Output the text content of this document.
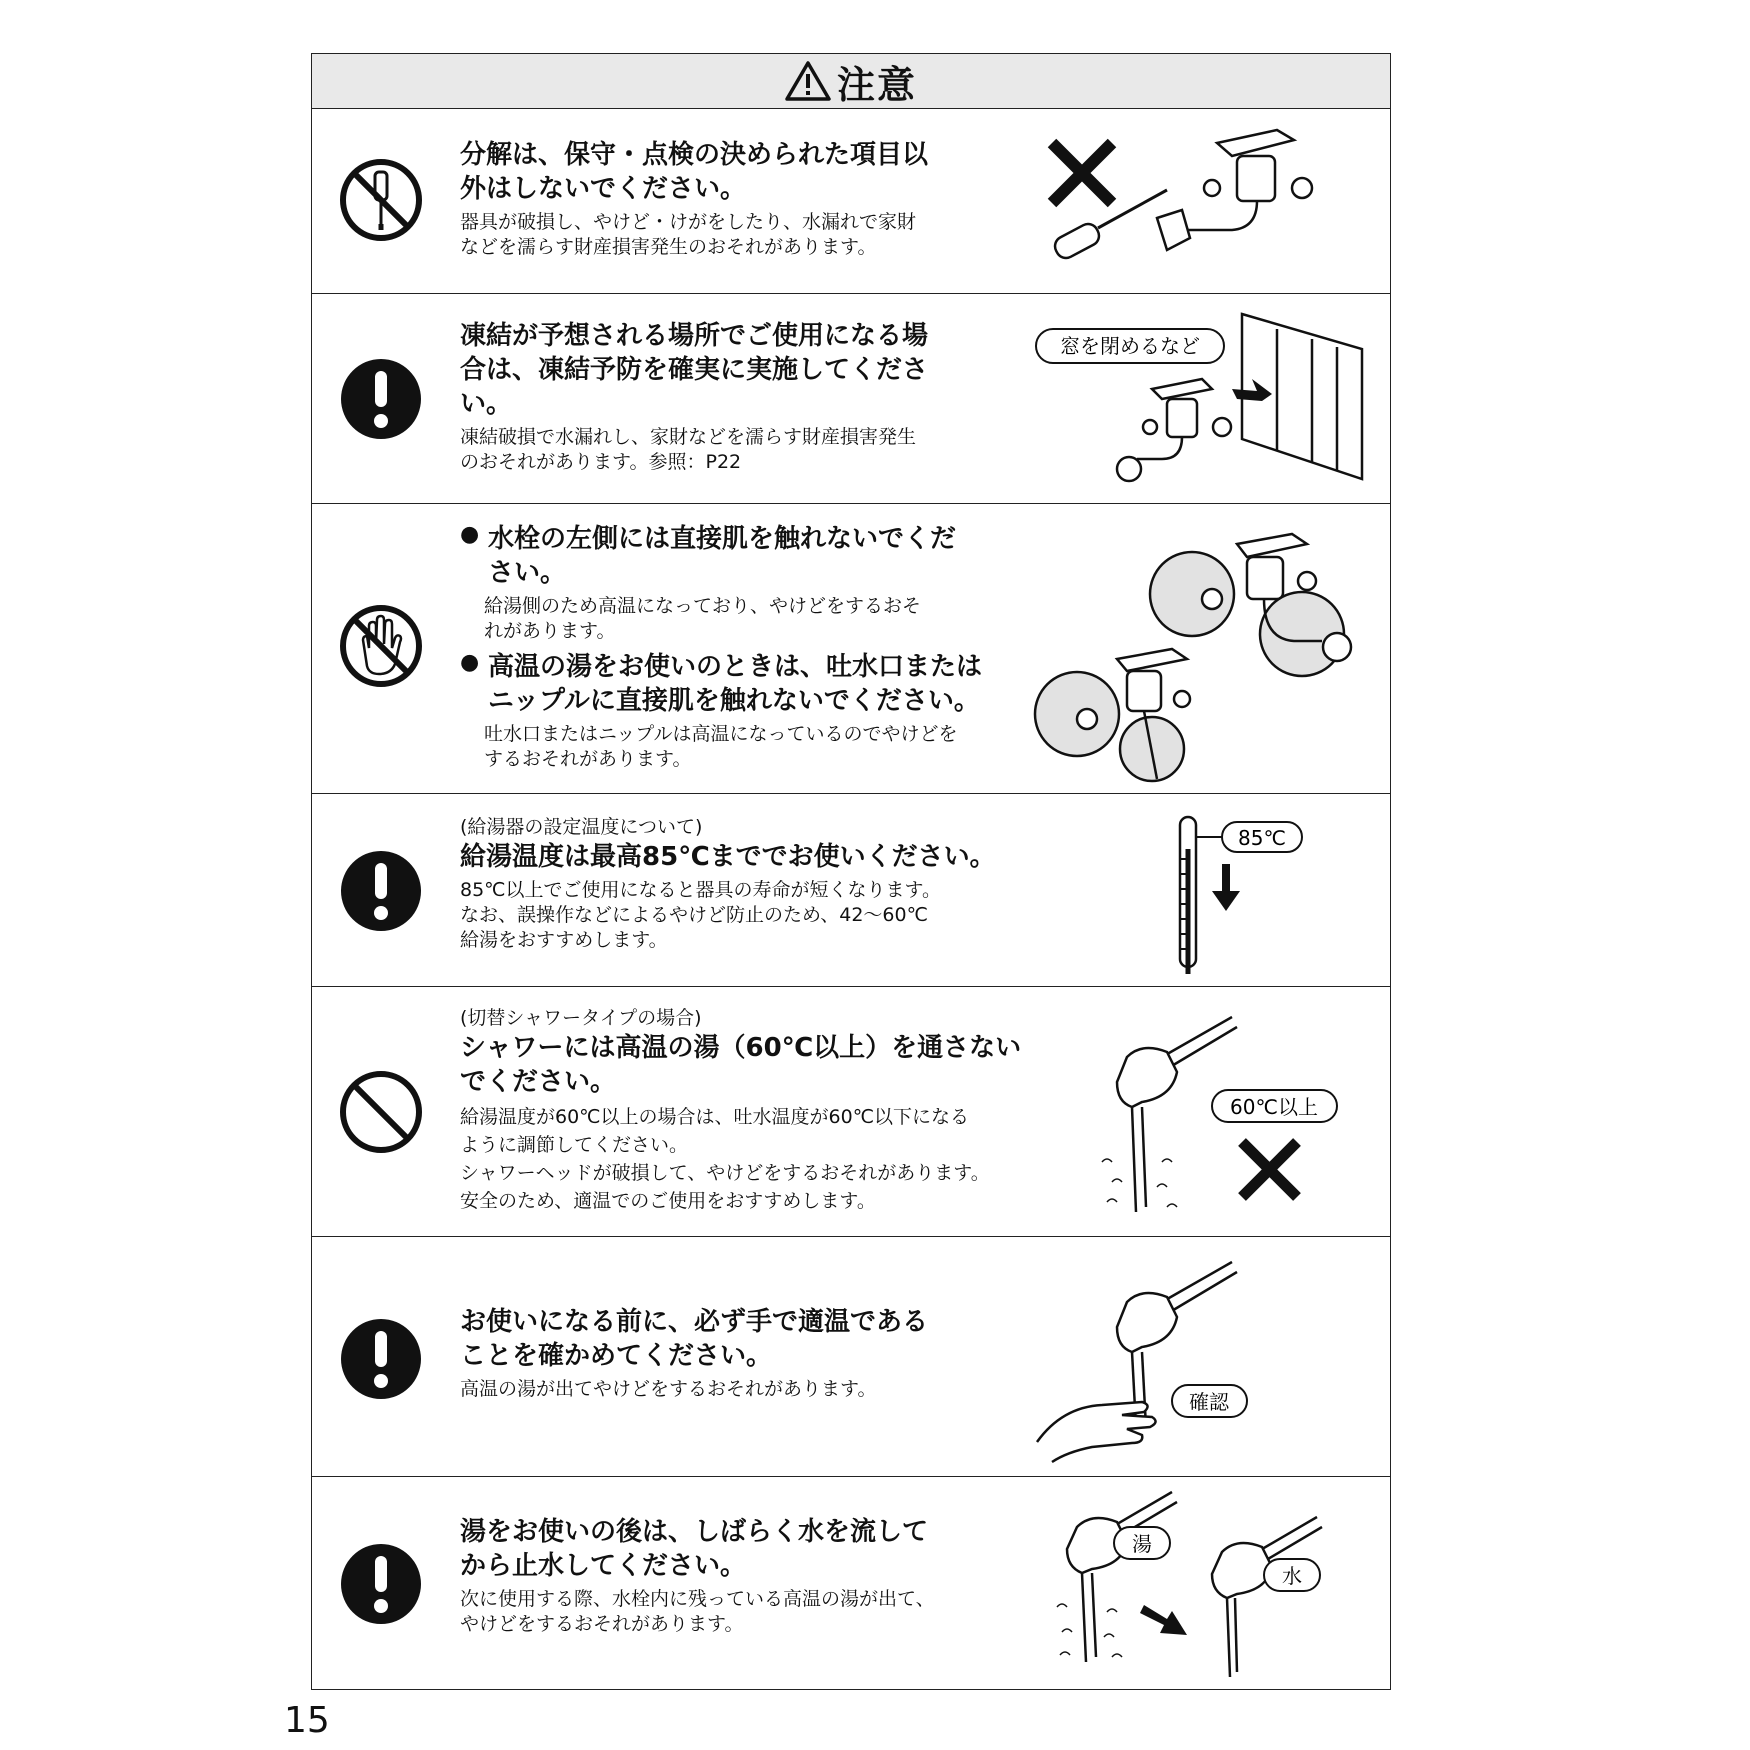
注意
分解は、保守・点検の決められた項目以
外はしないでください。
器具が破損し、やけど・けがをしたり、水漏れで家財
などを濡らす財産損害発生のおそれがあります。
凍結が予想される場所でご使用になる場
合は、凍結予防を確実に実施してくださ
い。
凍結破損で水漏れし、家財などを濡らす財産損害発生
のおそれがあります。参照：P22
窓を閉めるなど
● 水栓の左側には直接肌を触れないでくだ
さい。
給湯側のため高温になっており、やけどをするおそ
れがあります。
● 高温の湯をお使いのときは、吐水口または
ニップルに直接肌を触れないでください。
吐水口またはニップルは高温になっているのでやけどを
するおそれがあります。
(給湯器の設定温度について)
給湯温度は最高85℃まででお使いください。
85℃以上でご使用になると器具の寿命が短くなります。
なお、誤操作などによるやけど防止のため、42〜60℃
給湯をおすすめします。
85℃
(切替シャワータイプの場合)
シャワーには高温の湯（60℃以上）を通さない
でください。
給湯温度が60℃以上の場合は、吐水温度が60℃以下になる
ように調節してください。
シャワーヘッドが破損して、やけどをするおそれがあります。
安全のため、適温でのご使用をおすすめします。
60℃以上
お使いになる前に、必ず手で適温である
ことを確かめてください。
高温の湯が出てやけどをするおそれがあります。
確認
湯をお使いの後は、しばらく水を流して
から止水してください。
次に使用する際、水栓内に残っている高温の湯が出て、
やけどをするおそれがあります。
湯
水
15
